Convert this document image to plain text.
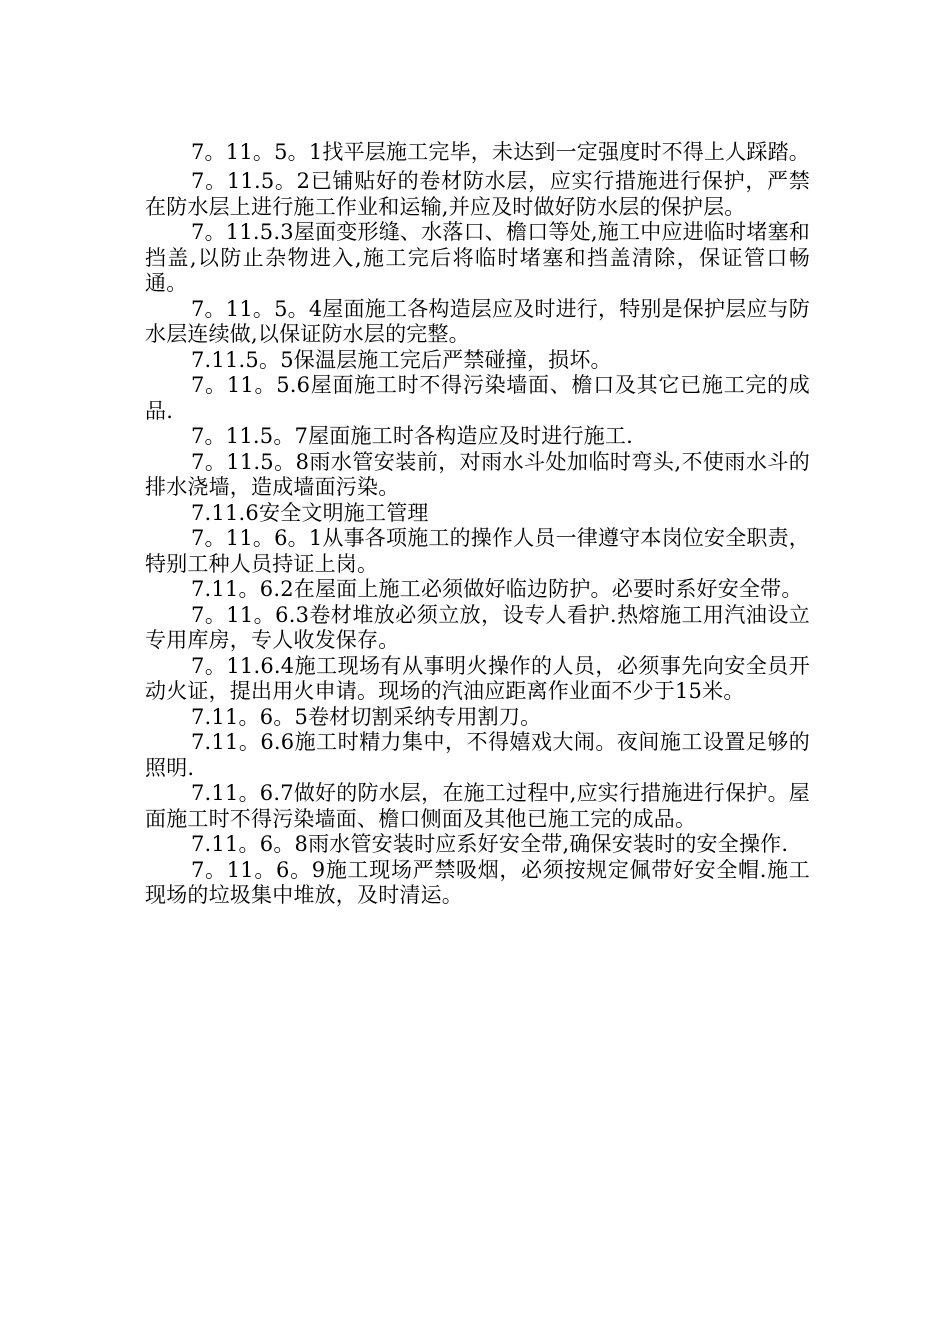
7。11。5。1找平层施工完毕，未达到一定强度时不得上人踩踏。

7。11.5。2已铺贴好的卷材防水层，应实行措施进行保护，严禁在防水层上进行施工作业和运输,并应及时做好防水层的保护层。

7。11.5.3屋面变形缝、水落口、檐口等处,施工中应进临时堵塞和挡盖,以防止杂物进入,施工完后将临时堵塞和挡盖清除，保证管口畅通。

7。11。5。4屋面施工各构造层应及时进行，特别是保护层应与防水层连续做,以保证防水层的完整。

7.11.5。5保温层施工完后严禁碰撞，损坏。

7。11。5.6屋面施工时不得污染墙面、檐口及其它已施工完的成品.

7。11.5。7屋面施工时各构造应及时进行施工.

7。11.5。8雨水管安装前，对雨水斗处加临时弯头,不使雨水斗的排水浇墙，造成墙面污染。

7.11.6安全文明施工管理

7。11。6。1从事各项施工的操作人员一律遵守本岗位安全职责，特别工种人员持证上岗。

7.11。6.2在屋面上施工必须做好临边防护。必要时系好安全带。

7。11。6.3卷材堆放必须立放，设专人看护.热熔施工用汽油设立专用库房，专人收发保存。

7。11.6.4施工现场有从事明火操作的人员，必须事先向安全员开动火证，提出用火申请。现场的汽油应距离作业面不少于15米。

7.11。6。5卷材切割采纳专用割刀。

7.11。6.6施工时精力集中，不得嬉戏大闹。夜间施工设置足够的照明.

7.11。6.7做好的防水层，在施工过程中,应实行措施进行保护。屋面施工时不得污染墙面、檐口侧面及其他已施工完的成品。

7.11。6。8雨水管安装时应系好安全带,确保安装时的安全操作.

7。11。6。9施工现场严禁吸烟，必须按规定佩带好安全帽.施工现场的垃圾集中堆放，及时清运。
